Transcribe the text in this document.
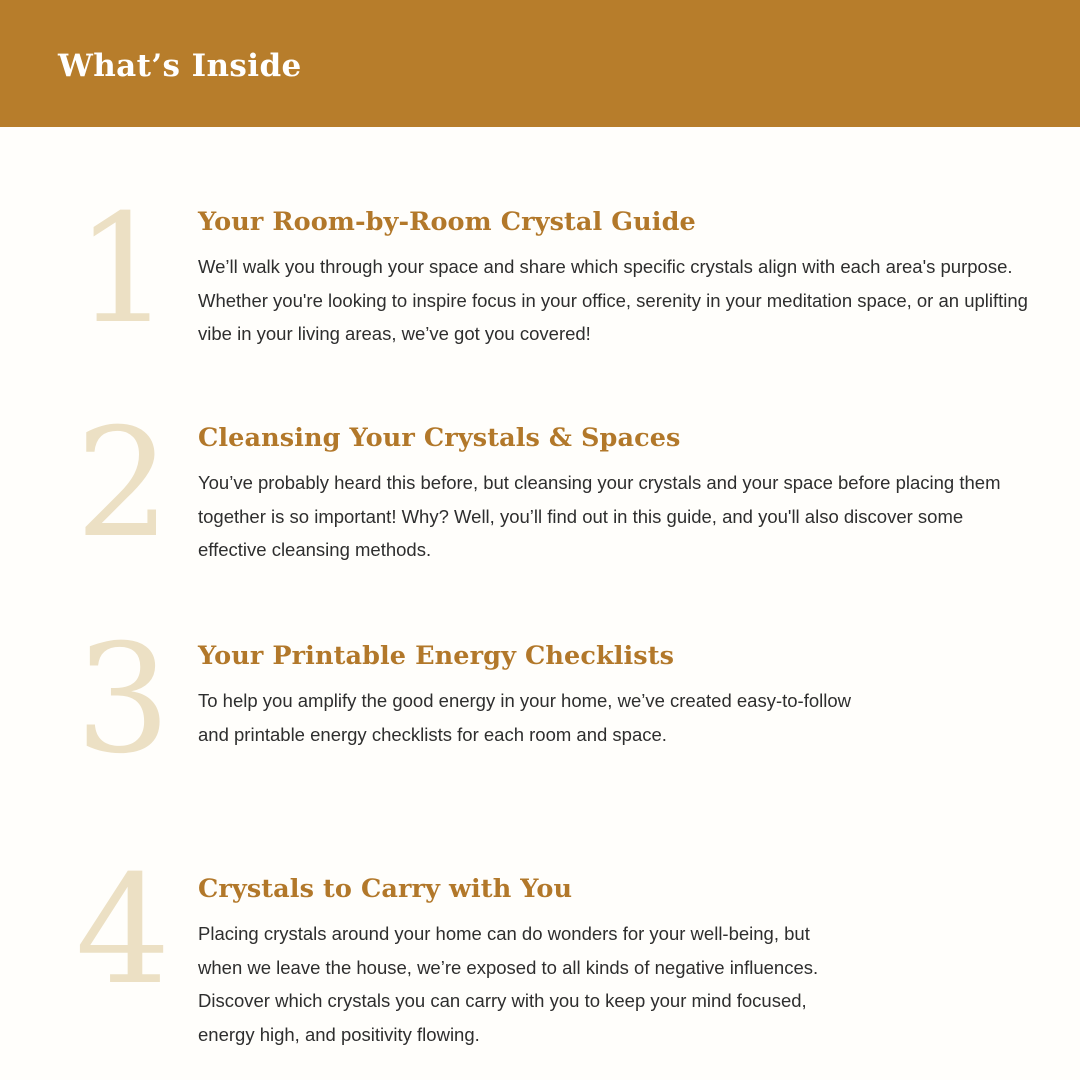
What’s Inside
1	Your Room-by-Room Crystal Guide

We’ll walk you through your space and share which specific crystals align with each area's purpose. Whether you're looking to inspire focus in your office, serenity in your meditation space, or an uplifting vibe in your living areas, we’ve got you covered!

2	Cleansing Your Crystals & Spaces

You’ve probably heard this before, but cleansing your crystals and your space before placing them together is so important! Why? Well, you’ll find out in this guide, and you'll also discover some effective cleansing methods.

3	Your Printable Energy Checklists

To help you amplify the good energy in your home, we’ve created easy-to-follow and printable energy checklists for each room and space.

4	Crystals to Carry with You

Placing crystals around your home can do wonders for your well-being, but when we leave the house, we’re exposed to all kinds of negative influences. Discover which crystals you can carry with you to keep your mind focused, energy high, and positivity flowing.
